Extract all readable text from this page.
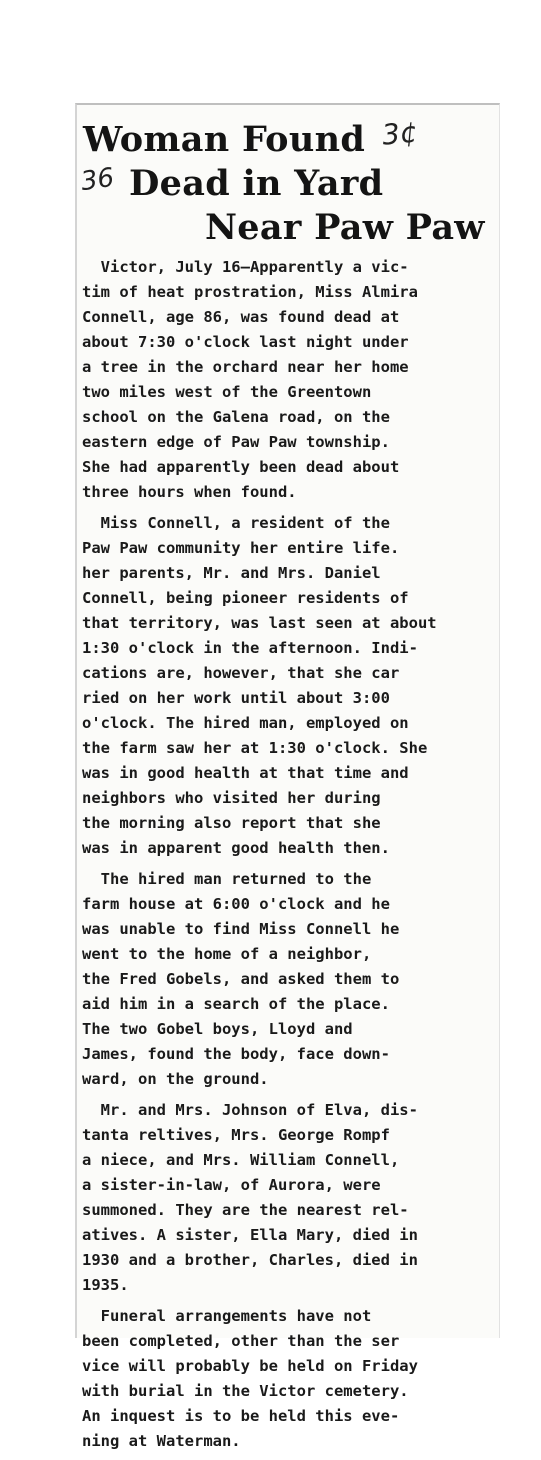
Woman Found
Dead in Yard
Near Paw Paw
3¢
36
Victor, July 16—Apparently a vic-
tim of heat prostration, Miss Almira
Connell, age 86, was found dead at
about 7:30 o'clock last night under
a tree in the orchard near her home
two miles west of the Greentown
school on the Galena road, on the
eastern edge of Paw Paw township.
She had apparently been dead about
three hours when found.
Miss Connell, a resident of the
Paw Paw community her entire life.
her parents, Mr. and Mrs. Daniel
Connell, being pioneer residents of
that territory, was last seen at about
1:30 o'clock in the afternoon. Indi-
cations are, however, that she car
ried on her work until about 3:00
o'clock. The hired man, employed on
the farm saw her at 1:30 o'clock. She
was in good health at that time and
neighbors who visited her during
the morning also report that she
was in apparent good health then.
The hired man returned to the
farm house at 6:00 o'clock and he
was unable to find Miss Connell he
went to the home of a neighbor,
the Fred Gobels, and asked them to
aid him in a search of the place.
The two Gobel boys, Lloyd and
James, found the body, face down-
ward, on the ground.
Mr. and Mrs. Johnson of Elva, dis-
tanta reltives, Mrs. George Rompf
a niece, and Mrs. William Connell,
a sister-in-law, of Aurora, were
summoned. They are the nearest rel-
atives. A sister, Ella Mary, died in
1930 and a brother, Charles, died in
1935.
Funeral arrangements have not
been completed, other than the ser
vice will probably be held on Friday
with burial in the Victor cemetery.
An inquest is to be held this eve-
ning at Waterman.
